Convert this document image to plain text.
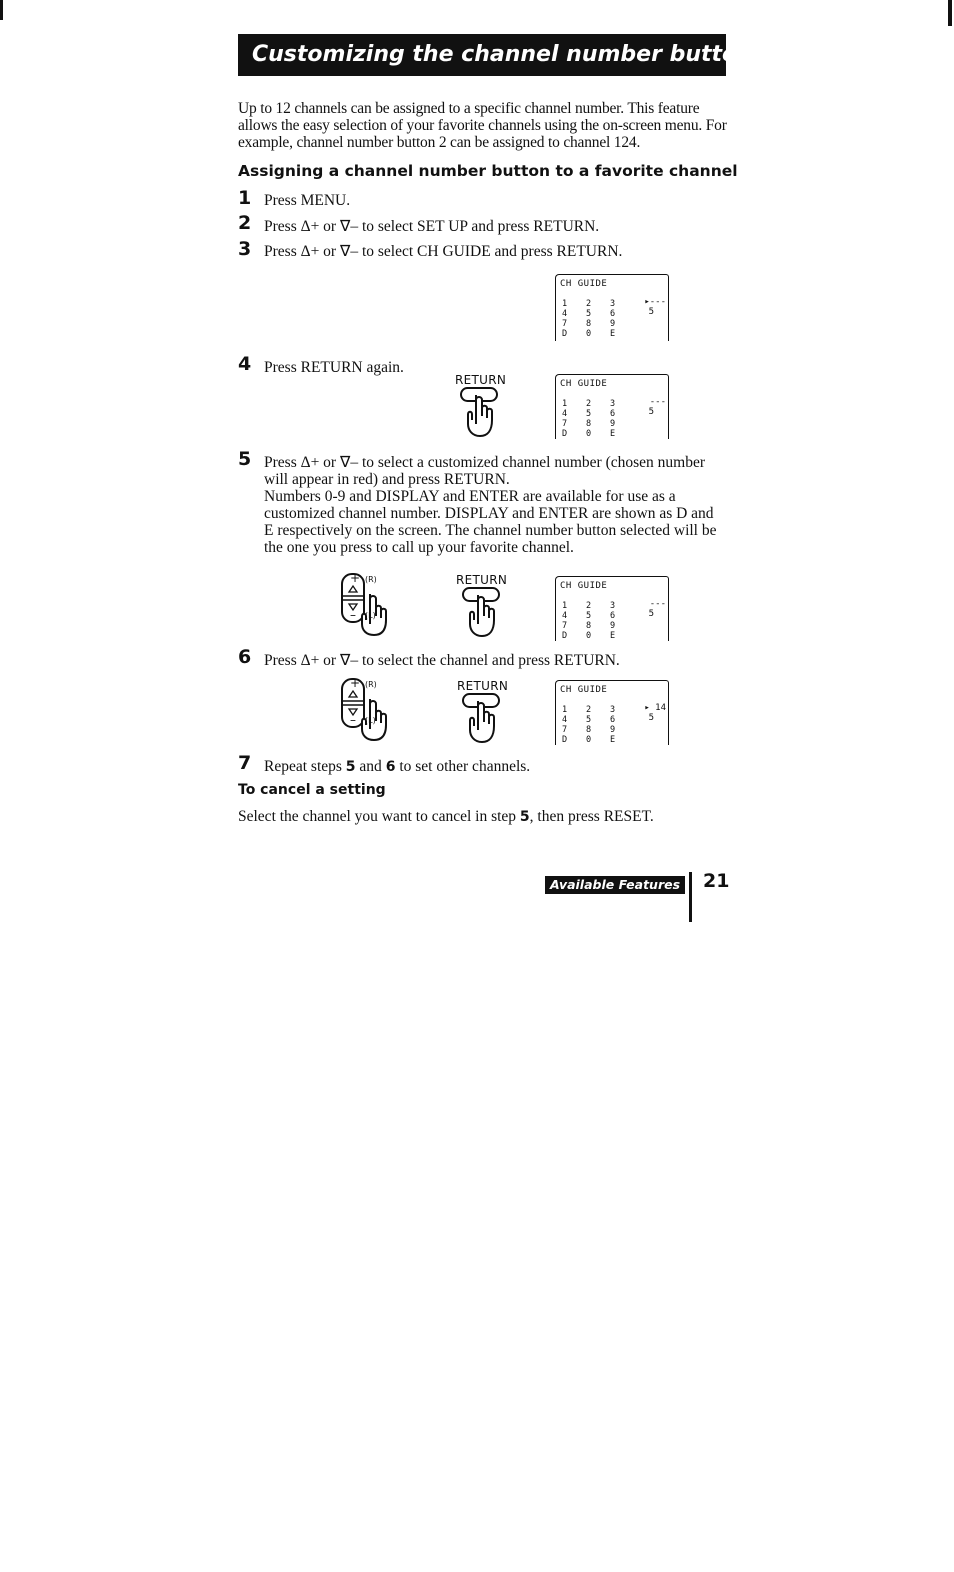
Customizing the channel number buttons
Up to 12 channels can be assigned to a specific channel number. This feature allows the easy selection of your favorite channels using the on-screen menu. For example, channel number button 2 can be assigned to channel 124.
Assigning a channel number button to a favorite channel
1 Press MENU.
2 Press Δ+ or ∇– to select SET UP and press RETURN.
3 Press Δ+ or ∇– to select CH GUIDE and press RETURN.
CH GUIDE
1	2	3
4	5	6
7	8	9
D	0	E
▸---
5
4 Press RETURN again.
RETURN	CH GUIDE
1	2	3
4	5	6
7	8	9
D	0	E
---
5
5 Press Δ+ or ∇– to select a customized channel number (chosen number will appear in red) and press RETURN.
Numbers 0-9 and DISPLAY and ENTER are available for use as a customized channel number. DISPLAY and ENTER are shown as D and E respectively on the screen. The channel number button selected will be the one you press to call up your favorite channel.
+
–
(R)
(L)
RETURN	CH GUIDE
1	2	3
4	5	6
7	8	9
D	0	E
---
5
6 Press Δ+ or ∇– to select the channel and press RETURN.
+
–
(R)
(L)
RETURN	CH GUIDE
1	2	3
4	5	6
7	8	9
D	0	E
▸ 14
5
7 Repeat steps 5 and 6 to set other channels.
To cancel a setting
Select the channel you want to cancel in step 5, then press RESET.
Available Features 21
